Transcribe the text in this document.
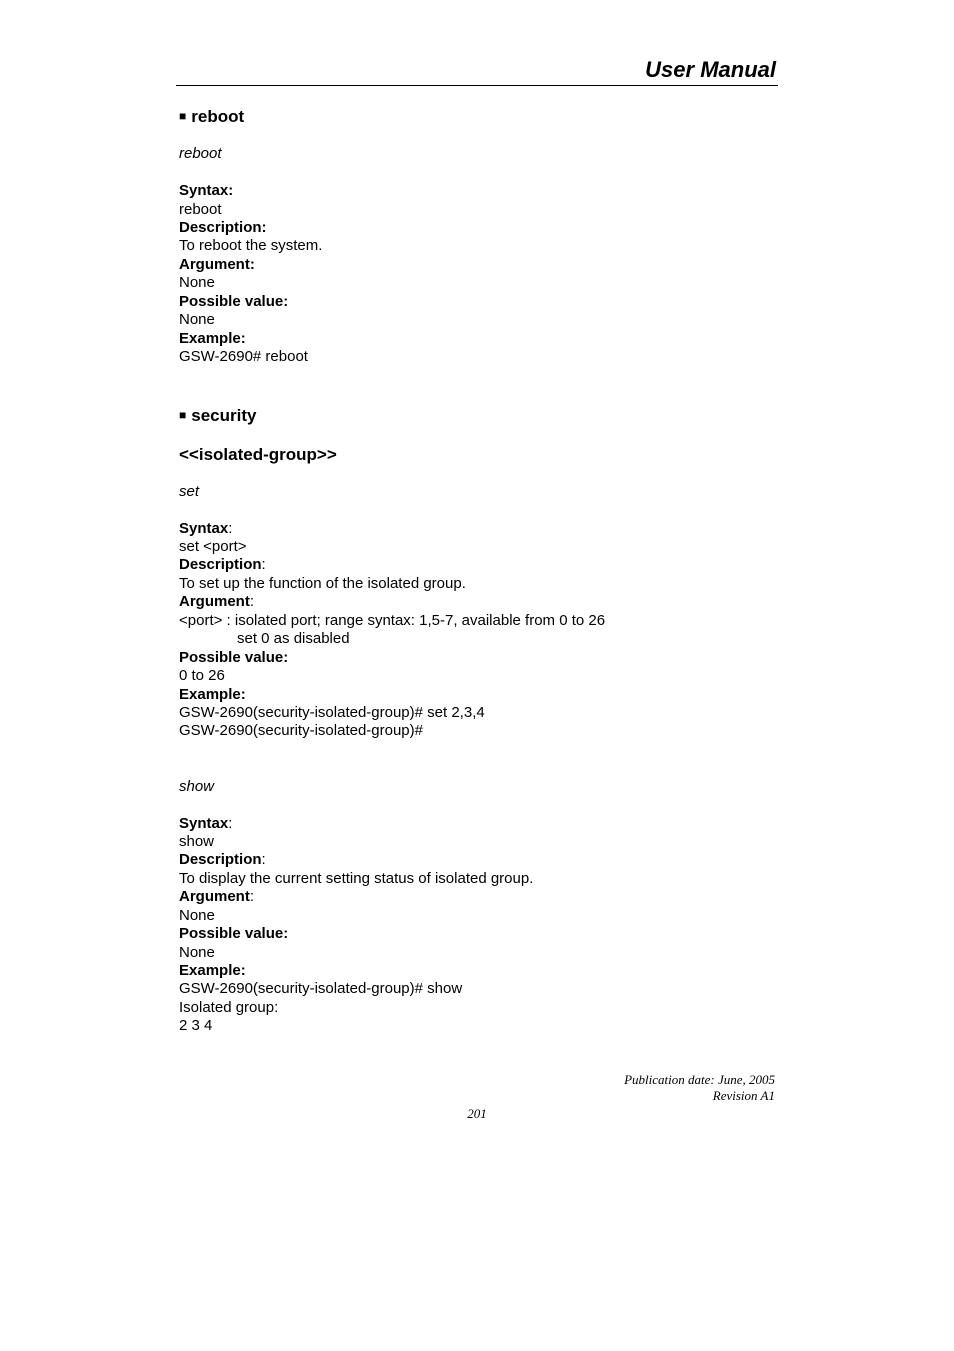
User Manual
■ reboot
reboot
Syntax:
reboot
Description:
To reboot the system.
Argument:
None
Possible value:
None
Example:
GSW-2690# reboot
■ security
<<isolated-group>>
set
Syntax:
set <port>
Description:
To set up the function of the isolated group.
Argument:
<port> : isolated port; range syntax: 1,5-7, available from 0 to 26
set 0 as disabled
Possible value:
0 to 26
Example:
GSW-2690(security-isolated-group)# set 2,3,4
GSW-2690(security-isolated-group)#
show
Syntax:
show
Description:
To display the current setting status of isolated group.
Argument:
None
Possible value:
None
Example:
GSW-2690(security-isolated-group)# show
Isolated group:
2 3 4
Publication date: June, 2005
Revision A1
201
